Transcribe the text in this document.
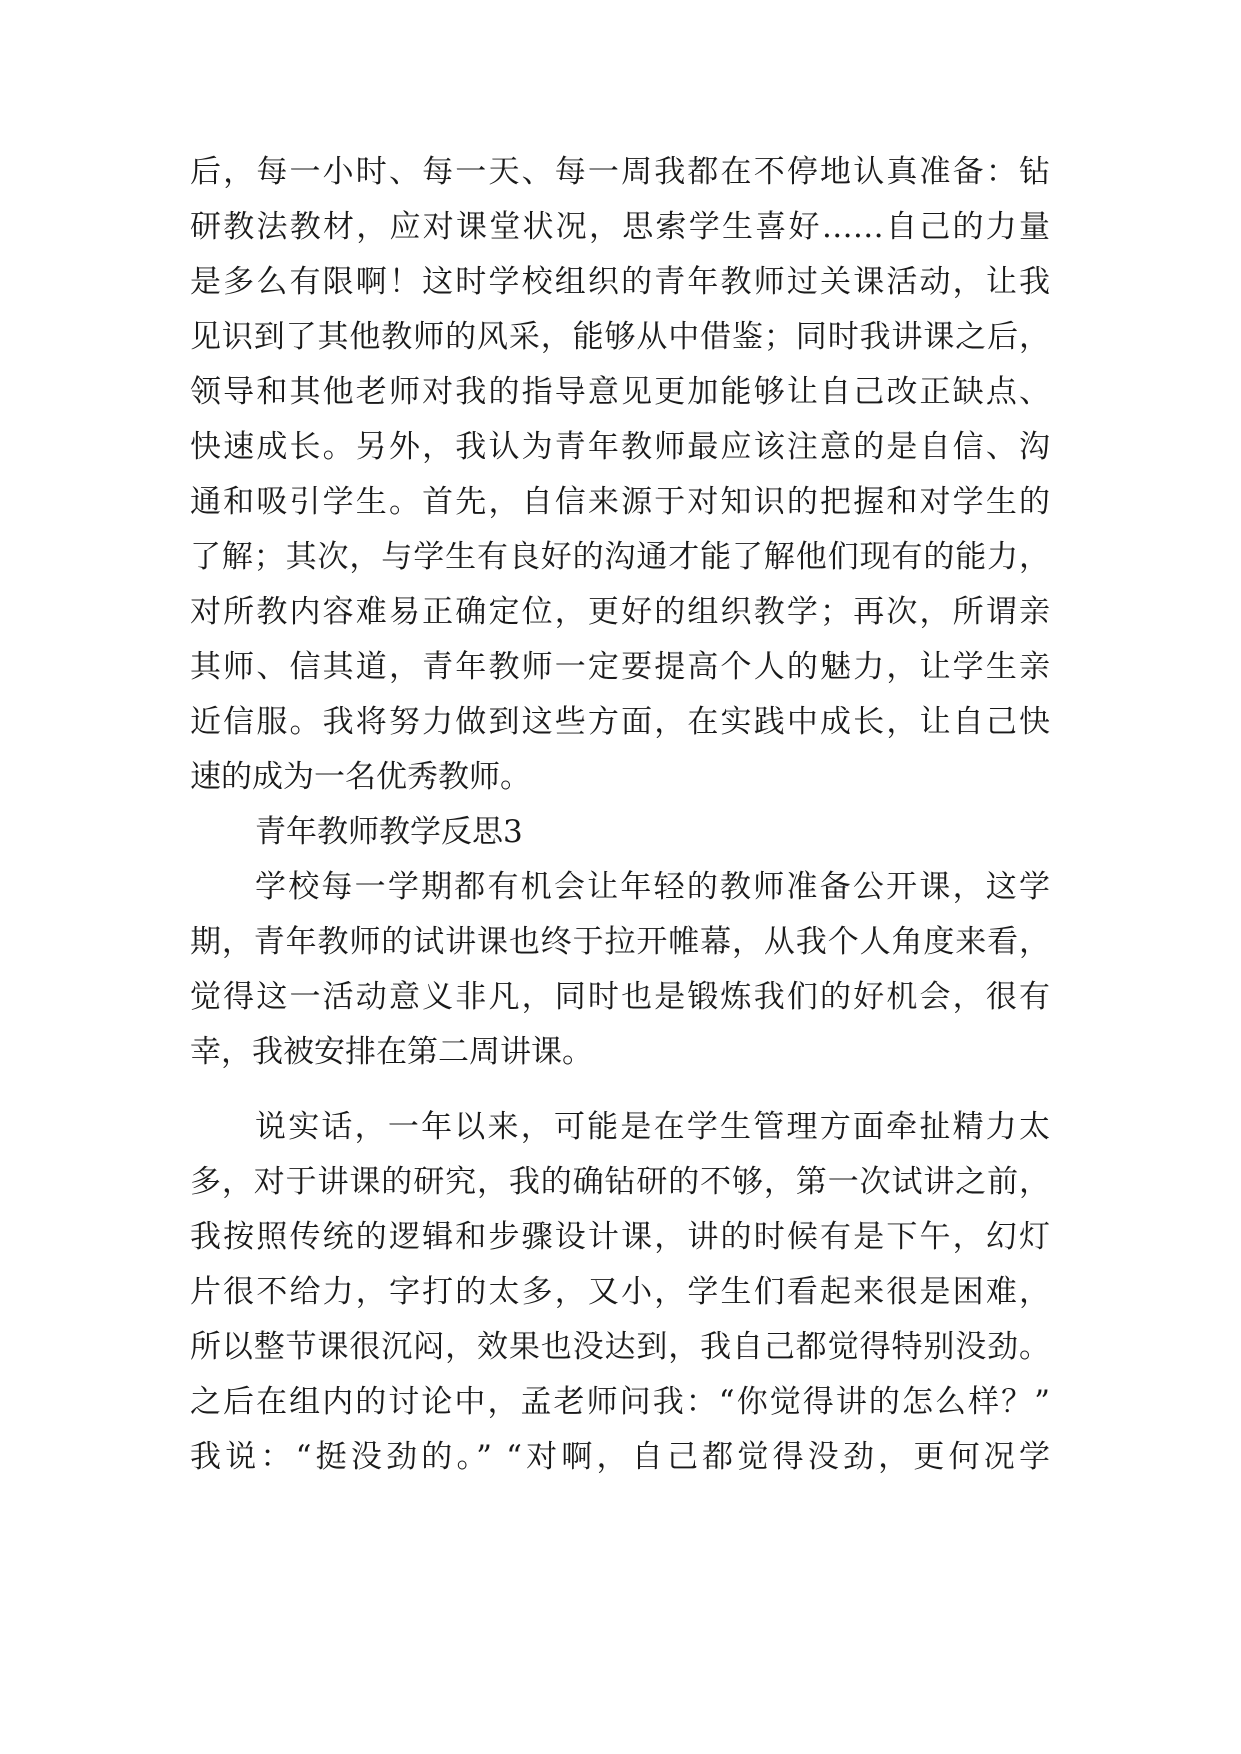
后，每一小时、每一天、每一周我都在不停地认真准备：钻

研教法教材，应对课堂状况，思索学生喜好……自己的力量

是多么有限啊！这时学校组织的青年教师过关课活动，让我

见识到了其他教师的风采，能够从中借鉴；同时我讲课之后，

领导和其他老师对我的指导意见更加能够让自己改正缺点、

快速成长。另外，我认为青年教师最应该注意的是自信、沟

通和吸引学生。首先，自信来源于对知识的把握和对学生的

了解；其次，与学生有良好的沟通才能了解他们现有的能力，

对所教内容难易正确定位，更好的组织教学；再次，所谓亲

其师、信其道，青年教师一定要提高个人的魅力，让学生亲

近信服。我将努力做到这些方面，在实践中成长，让自己快

速的成为一名优秀教师。

青年教师教学反思3

学校每一学期都有机会让年轻的教师准备公开课，这学

期，青年教师的试讲课也终于拉开帷幕，从我个人角度来看，

觉得这一活动意义非凡，同时也是锻炼我们的好机会，很有

幸，我被安排在第二周讲课。

说实话，一年以来，可能是在学生管理方面牵扯精力太

多，对于讲课的研究，我的确钻研的不够，第一次试讲之前，

我按照传统的逻辑和步骤设计课，讲的时候有是下午，幻灯

片很不给力，字打的太多，又小，学生们看起来很是困难，

所以整节课很沉闷，效果也没达到，我自己都觉得特别没劲。

之后在组内的讨论中，孟老师问我：“你觉得讲的怎么样？”

我说：“挺没劲的。” “对啊，自己都觉得没劲，更何况学
